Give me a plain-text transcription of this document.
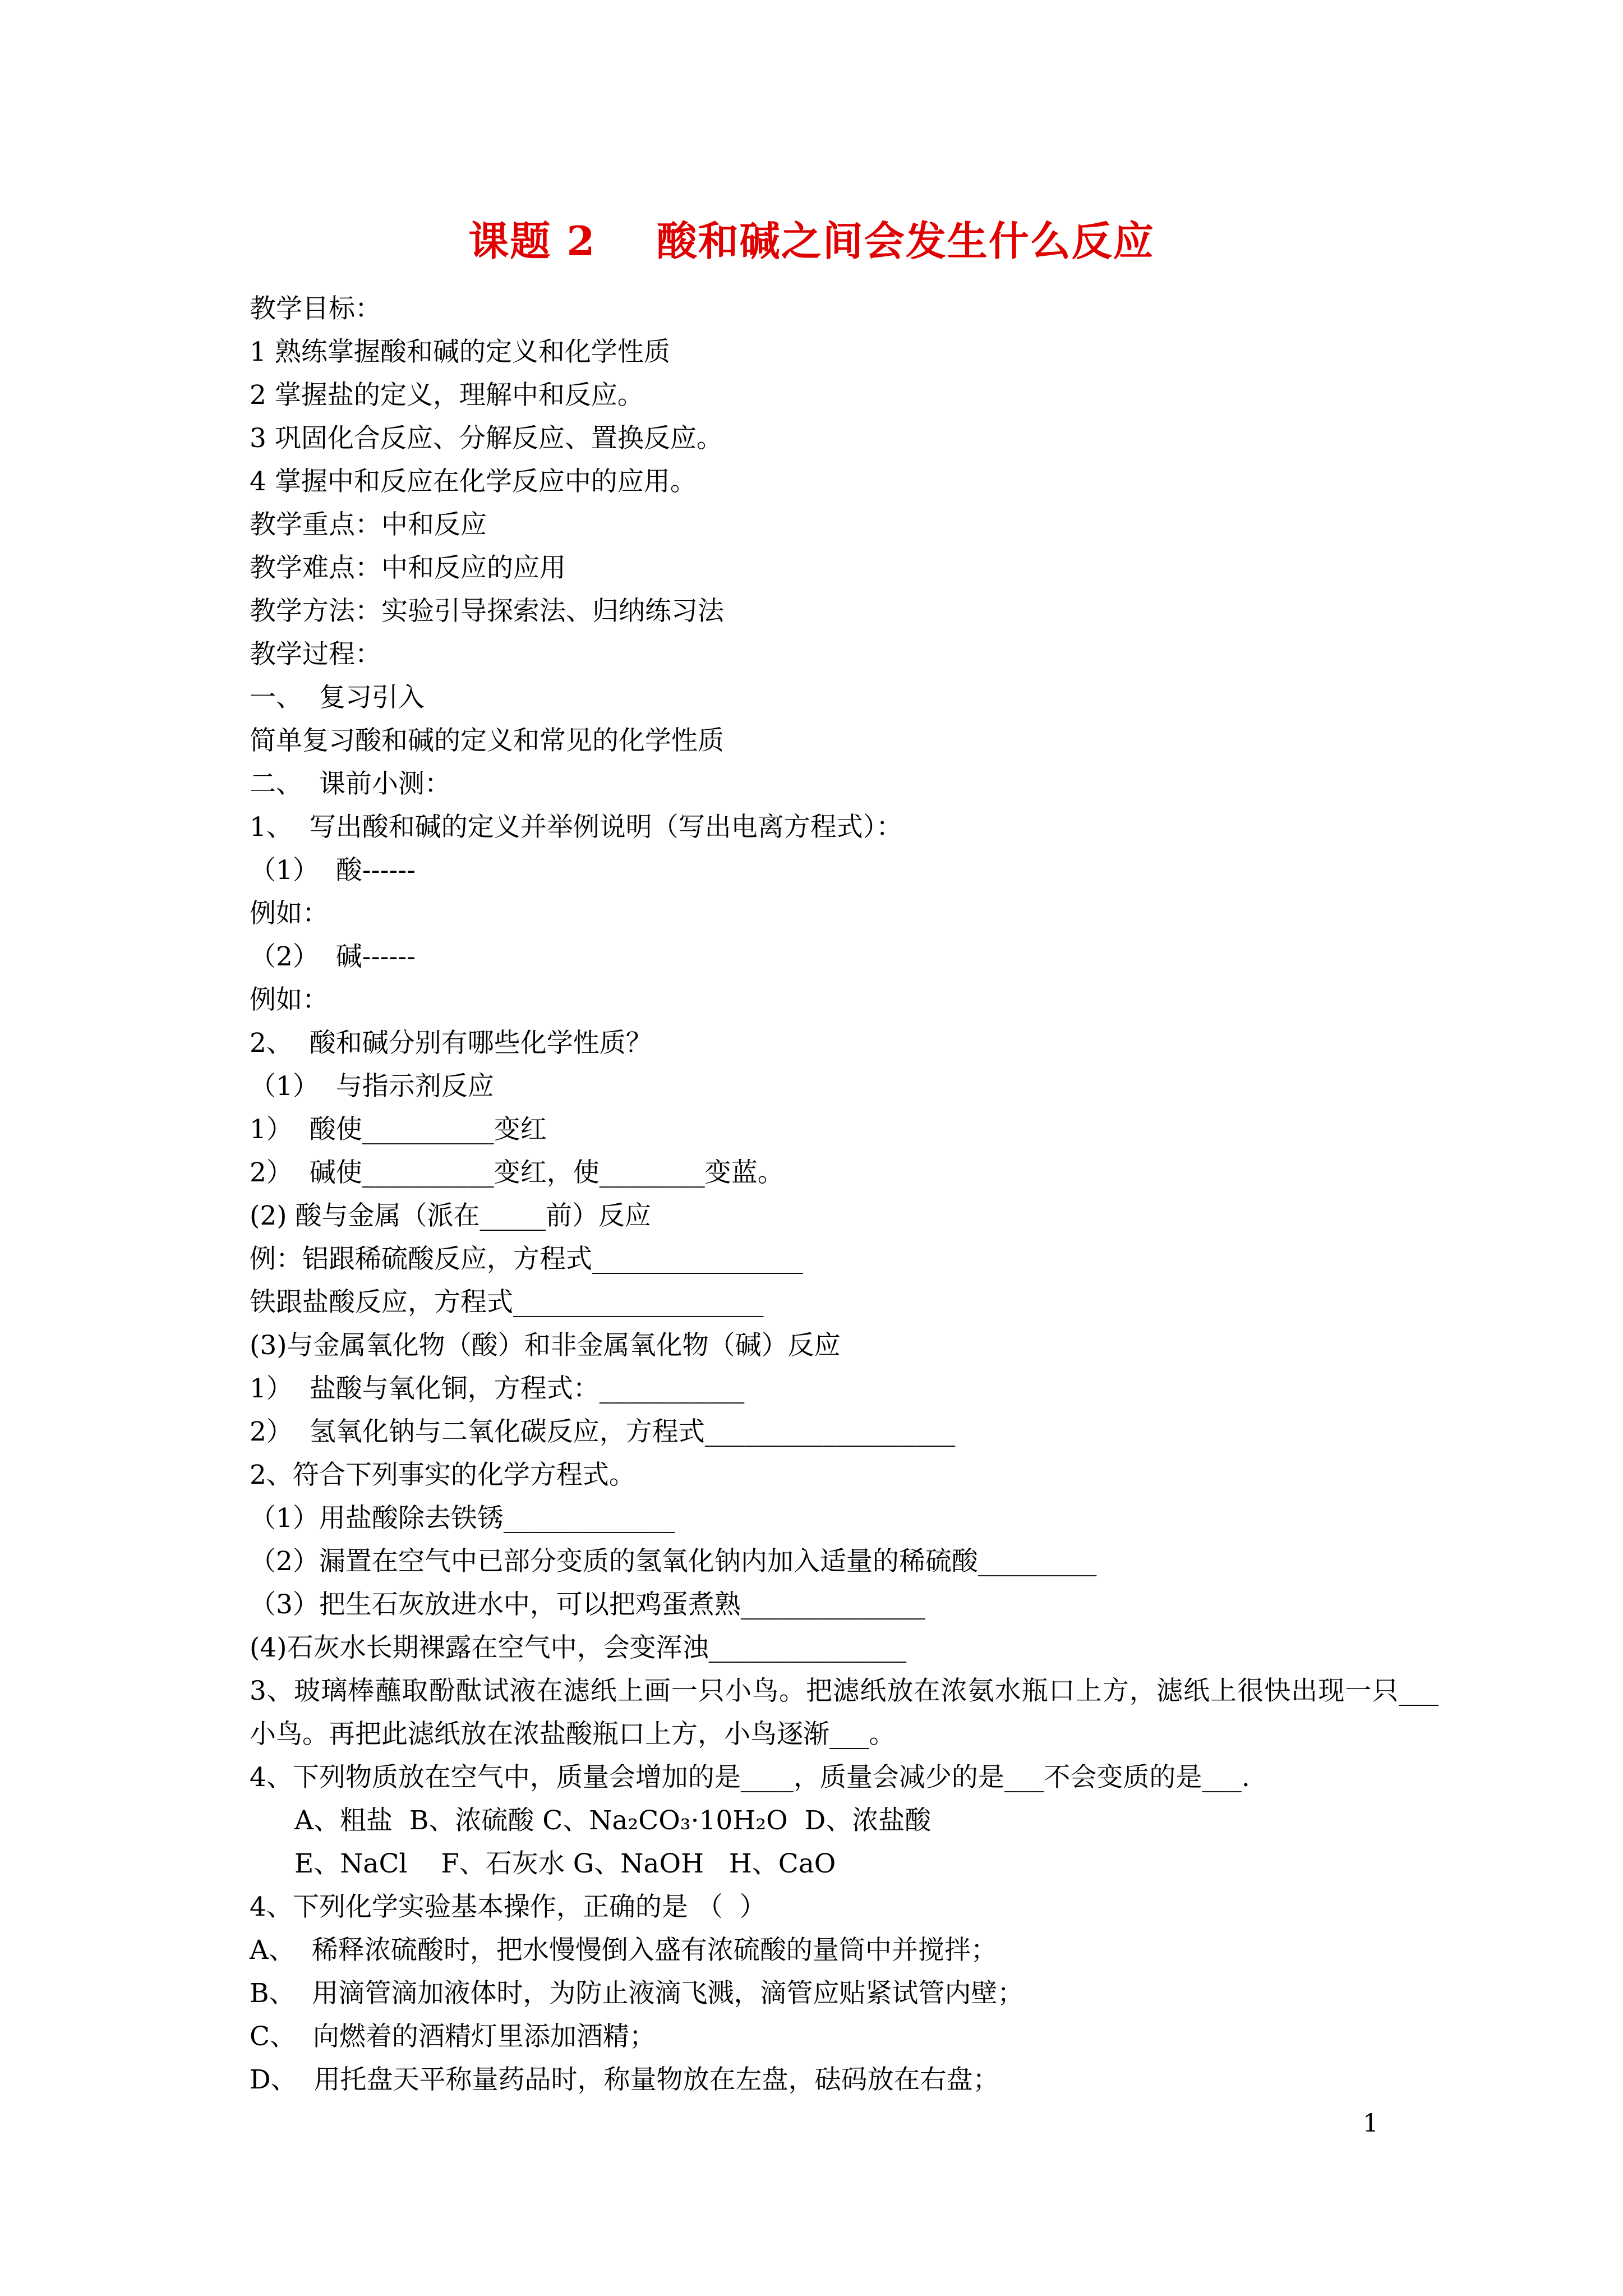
课题 2    酸和碱之间会发生什么反应
教学目标：
1 熟练掌握酸和碱的定义和化学性质
2 掌握盐的定义，理解中和反应。
3 巩固化合反应、分解反应、置换反应。
4 掌握中和反应在化学反应中的应用。
教学重点：中和反应
教学难点：中和反应的应用
教学方法：实验引导探索法、归纳练习法
教学过程：
一、  复习引入
简单复习酸和碱的定义和常见的化学性质
二、  课前小测：
1、  写出酸和碱的定义并举例说明（写出电离方程式）：
（1）  酸------
例如：
（2）  碱------
例如：
2、  酸和碱分别有哪些化学性质？
（1）  与指示剂反应
1）  酸使__________变红
2）  碱使__________变红，使________变蓝。
(2) 酸与金属（派在_____前）反应
例：铝跟稀硫酸反应，方程式________________
铁跟盐酸反应，方程式___________________
(3)与金属氧化物（酸）和非金属氧化物（碱）反应
1）  盐酸与氧化铜，方程式：___________
2）  氢氧化钠与二氧化碳反应，方程式___________________
2、符合下列事实的化学方程式。
（1）用盐酸除去铁锈_____________
（2）漏置在空气中已部分变质的氢氧化钠内加入适量的稀硫酸_________
（3）把生石灰放进水中，可以把鸡蛋煮熟______________
(4)石灰水长期裸露在空气中，会变浑浊_______________
3、玻璃棒蘸取酚酞试液在滤纸上画一只小鸟。把滤纸放在浓氨水瓶口上方，滤纸上很快出现一只___小鸟。再把此滤纸放在浓盐酸瓶口上方，小鸟逐渐___。
4、下列物质放在空气中，质量会增加的是____，质量会减少的是___不会变质的是___.
A、粗盐  B、浓硫酸 C、Na₂CO₃·10H₂O  D、浓盐酸
E、NaCl    F、石灰水 G、NaOH   H、CaO
4、下列化学实验基本操作，正确的是 （  ）
A、  稀释浓硫酸时，把水慢慢倒入盛有浓硫酸的量筒中并搅拌；
B、  用滴管滴加液体时，为防止液滴飞溅，滴管应贴紧试管内壁；
C、  向燃着的酒精灯里添加酒精；
D、  用托盘天平称量药品时，称量物放在左盘，砝码放在右盘；
1
